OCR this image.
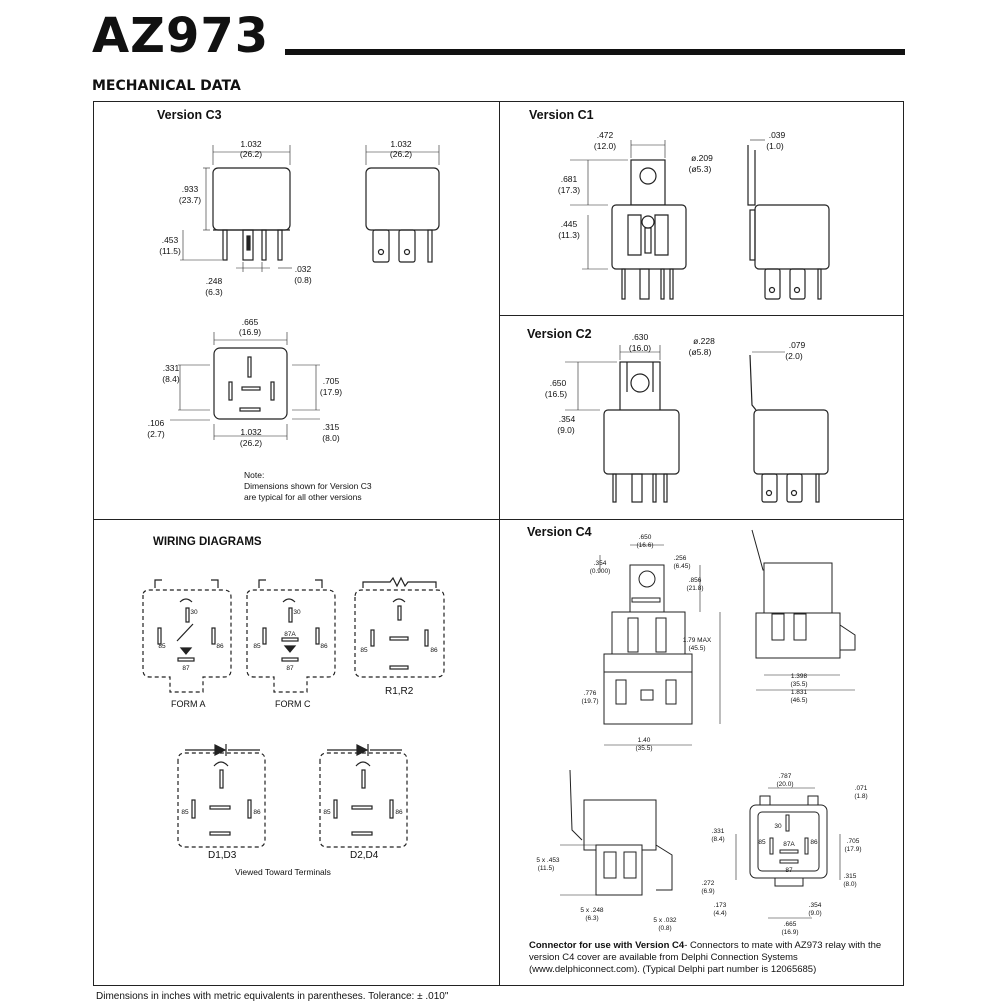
AZ973
MECHANICAL DATA
Version C3	Version C1
Version C2
WIRING DIAGRAMS
Version C4
1.032
(26.2)
.933
(23.7)
.453
(11.5)
.248
(6.3)
.032
(0.8)
1.032
(26.2)
.665
(16.9)
.331
(8.4)
.106
(2.7)
.705
(17.9)
.315
(8.0)
1.032
(26.2)
.472
(12.0)
ø.209
(ø5.3)
.681
(17.3)
.445
(11.3)
.039
(1.0)
.630
(16.0)
ø.228
(ø5.8)
.650
(16.5)
.354
(9.0)
.079
(2.0)
85	86
30
87
85	86
30
87A
87
85	86
85	86	85	86
.650
(16.6)
.354
(0.900)
.256
(6.45)
.856
(21.8)
1.79 MAX
(45.5)
.776
(19.7)
1.40
(35.5)
1.398
(35.5)
1.831
(46.5)
.787
(20.0)
.071
(1.8)
.331
(8.4)	.705
(17.9)
5 x .453
(11.5)
.315
(8.0)
.272
(6.9)
.173
(4.4)
.354
(9.0)
.665
(16.9)
5 x .248
(6.3)	5 x .032
(0.8)
30
85	87A 86
87
Note:
Dimensions shown for Version C3
are typical for all other versions
FORM A	FORM C
R1,R2
D1,D3	D2,D4
Viewed Toward Terminals
Connector for use with Version C4- Connectors to mate with AZ973 relay with the version C4 cover are available from Delphi Connection Systems (www.delphiconnect.com). (Typical Delphi part number is 12065685)
Dimensions in inches with metric equivalents in parentheses. Tolerance: ± .010"
